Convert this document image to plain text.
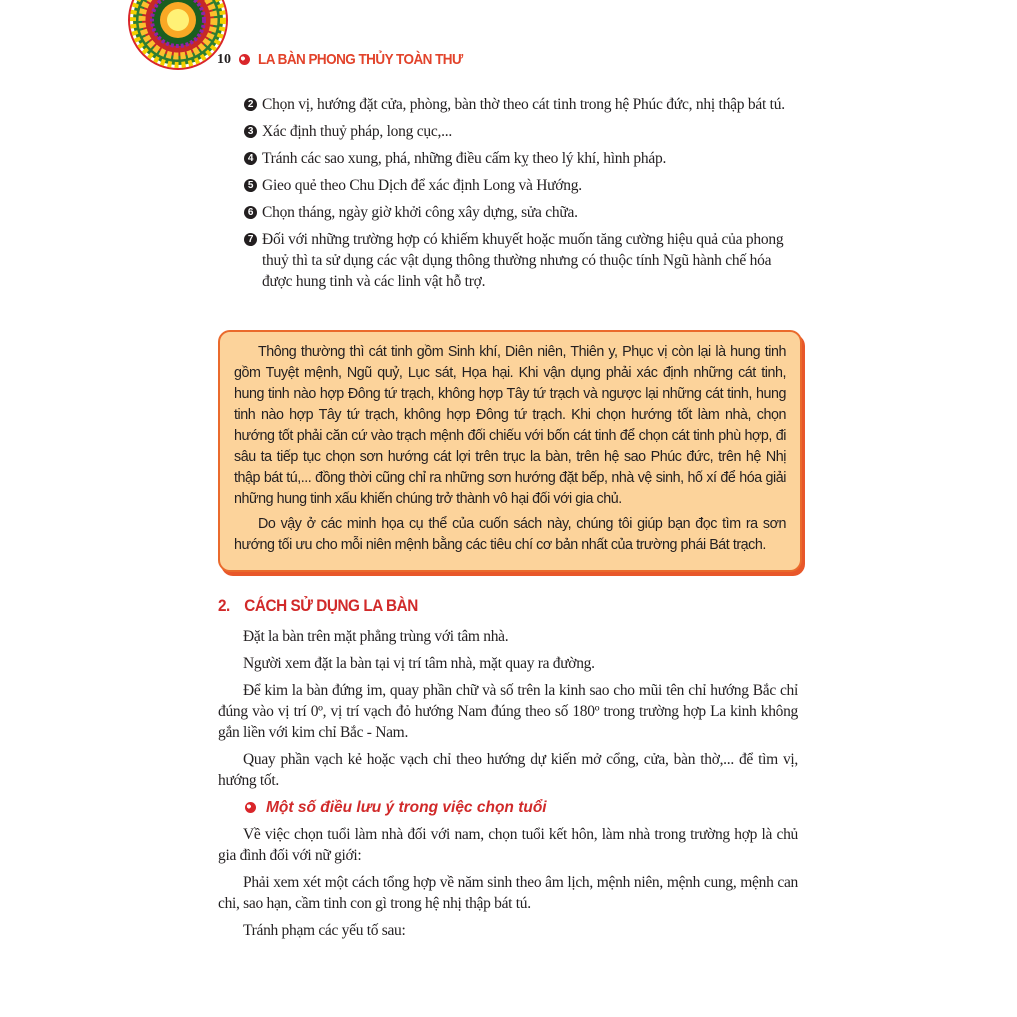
10 LA BÀN PHONG THỦY TOÀN THƯ
2 Chọn vị, hướng đặt cửa, phòng, bàn thờ theo cát tinh trong hệ Phúc đức, nhị thập bát tú.
3 Xác định thuỷ pháp, long cục,...
4 Tránh các sao xung, phá, những điều cấm kỵ theo lý khí, hình pháp.
5 Gieo quẻ theo Chu Dịch để xác định Long và Hướng.
6 Chọn tháng, ngày giờ khởi công xây dựng, sửa chữa.
7 Đối với những trường hợp có khiếm khuyết hoặc muốn tăng cường hiệu quả của phong thuỷ thì ta sử dụng các vật dụng thông thường nhưng có thuộc tính Ngũ hành chế hóa được hung tinh và các linh vật hỗ trợ.

Thông thường thì cát tinh gồm Sinh khí, Diên niên, Thiên y, Phục vị còn lại là hung tinh gồm Tuyệt mệnh, Ngũ quỷ, Lục sát, Họa hại. Khi vận dụng phải xác định những cát tinh, hung tinh nào hợp Đông tứ trạch, không hợp Tây tứ trạch và ngược lại những cát tinh, hung tinh nào hợp Tây tứ trạch, không hợp Đông tứ trạch. Khi chọn hướng tốt làm nhà, chọn hướng tốt phải căn cứ vào trạch mệnh đối chiếu với bốn cát tinh để chọn cát tinh phù hợp, đi sâu ta tiếp tục chọn sơn hướng cát lợi trên trục la bàn, trên hệ sao Phúc đức, trên hệ Nhị thập bát tú,... đồng thời cũng chỉ ra những sơn hướng đặt bếp, nhà vệ sinh, hố xí để hóa giải những hung tinh xấu khiến chúng trở thành vô hại đối với gia chủ.

Do vậy ở các minh họa cụ thể của cuốn sách này, chúng tôi giúp bạn đọc tìm ra sơn hướng tối ưu cho mỗi niên mệnh bằng các tiêu chí cơ bản nhất của trường phái Bát trạch.

2. CÁCH SỬ DỤNG LA BÀN

Đặt la bàn trên mặt phẳng trùng với tâm nhà.

Người xem đặt la bàn tại vị trí tâm nhà, mặt quay ra đường.

Để kim la bàn đứng im, quay phần chữ và số trên la kinh sao cho mũi tên chỉ hướng Bắc chỉ đúng vào vị trí 0º, vị trí vạch đỏ hướng Nam đúng theo số 180º trong trường hợp La kinh không gắn liền với kim chỉ Bắc - Nam.

Quay phần vạch kẻ hoặc vạch chỉ theo hướng dự kiến mở cổng, cửa, bàn thờ,... để tìm vị, hướng tốt.

Một số điều lưu ý trong việc chọn tuổi

Về việc chọn tuổi làm nhà đối với nam, chọn tuổi kết hôn, làm nhà trong trường hợp là chủ gia đình đối với nữ giới:

Phải xem xét một cách tổng hợp về năm sinh theo âm lịch, mệnh niên, mệnh cung, mệnh can chi, sao hạn, cầm tinh con gì trong hệ nhị thập bát tú.

Tránh phạm các yếu tố sau:
